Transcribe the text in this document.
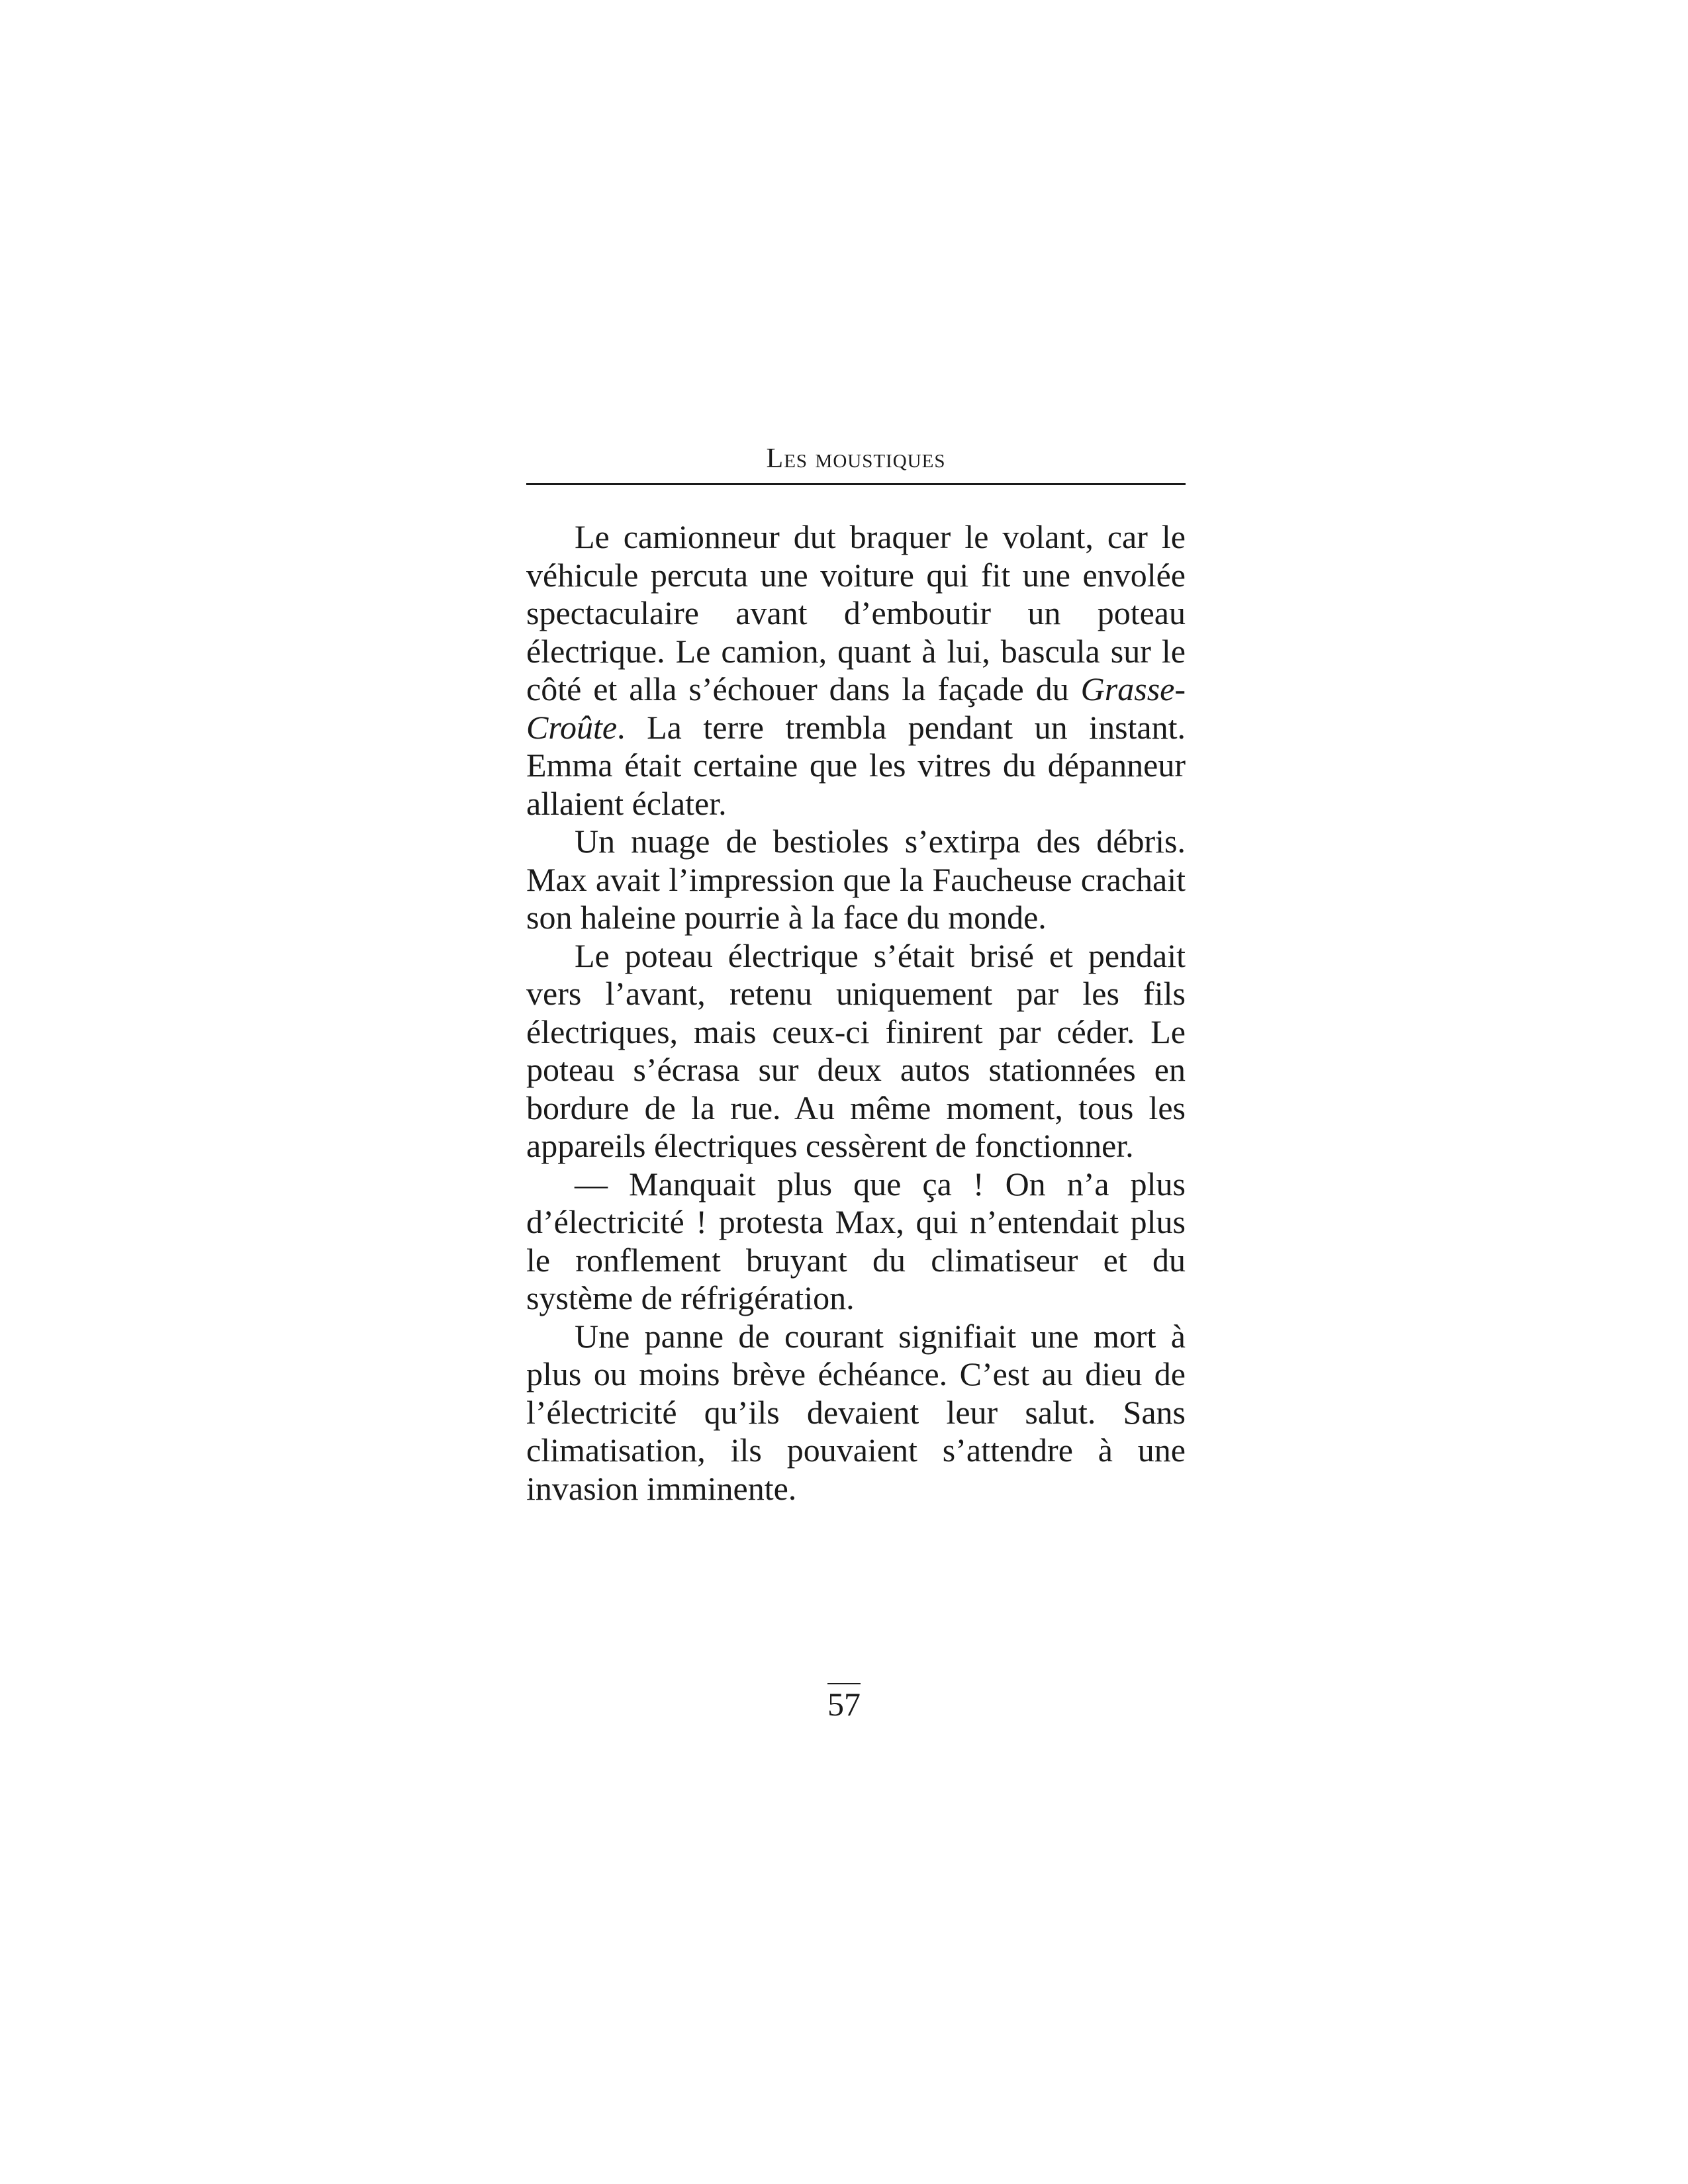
Les moustiques

Le camionneur dut braquer le volant, car le véhicule percuta une voiture qui fit une envolée spectaculaire avant d’emboutir un poteau électrique. Le camion, quant à lui, bascula sur le côté et alla s’échouer dans la façade du Grasse-Croûte. La terre trembla pendant un instant. Emma était certaine que les vitres du dépanneur allaient éclater.

Un nuage de bestioles s’extirpa des débris. Max avait l’impression que la Faucheuse crachait son haleine pourrie à la face du monde.

Le poteau électrique s’était brisé et pendait vers l’avant, retenu uniquement par les fils électriques, mais ceux-ci finirent par céder. Le poteau s’écrasa sur deux autos stationnées en bordure de la rue. Au même moment, tous les appareils électriques cessèrent de fonctionner.

— Manquait plus que ça ! On n’a plus d’électricité ! protesta Max, qui n’entendait plus le ronflement bruyant du climatiseur et du système de réfrigération.

Une panne de courant signifiait une mort à plus ou moins brève échéance. C’est au dieu de l’électricité qu’ils devaient leur salut. Sans climatisation, ils pouvaient s’attendre à une invasion imminente.

57
